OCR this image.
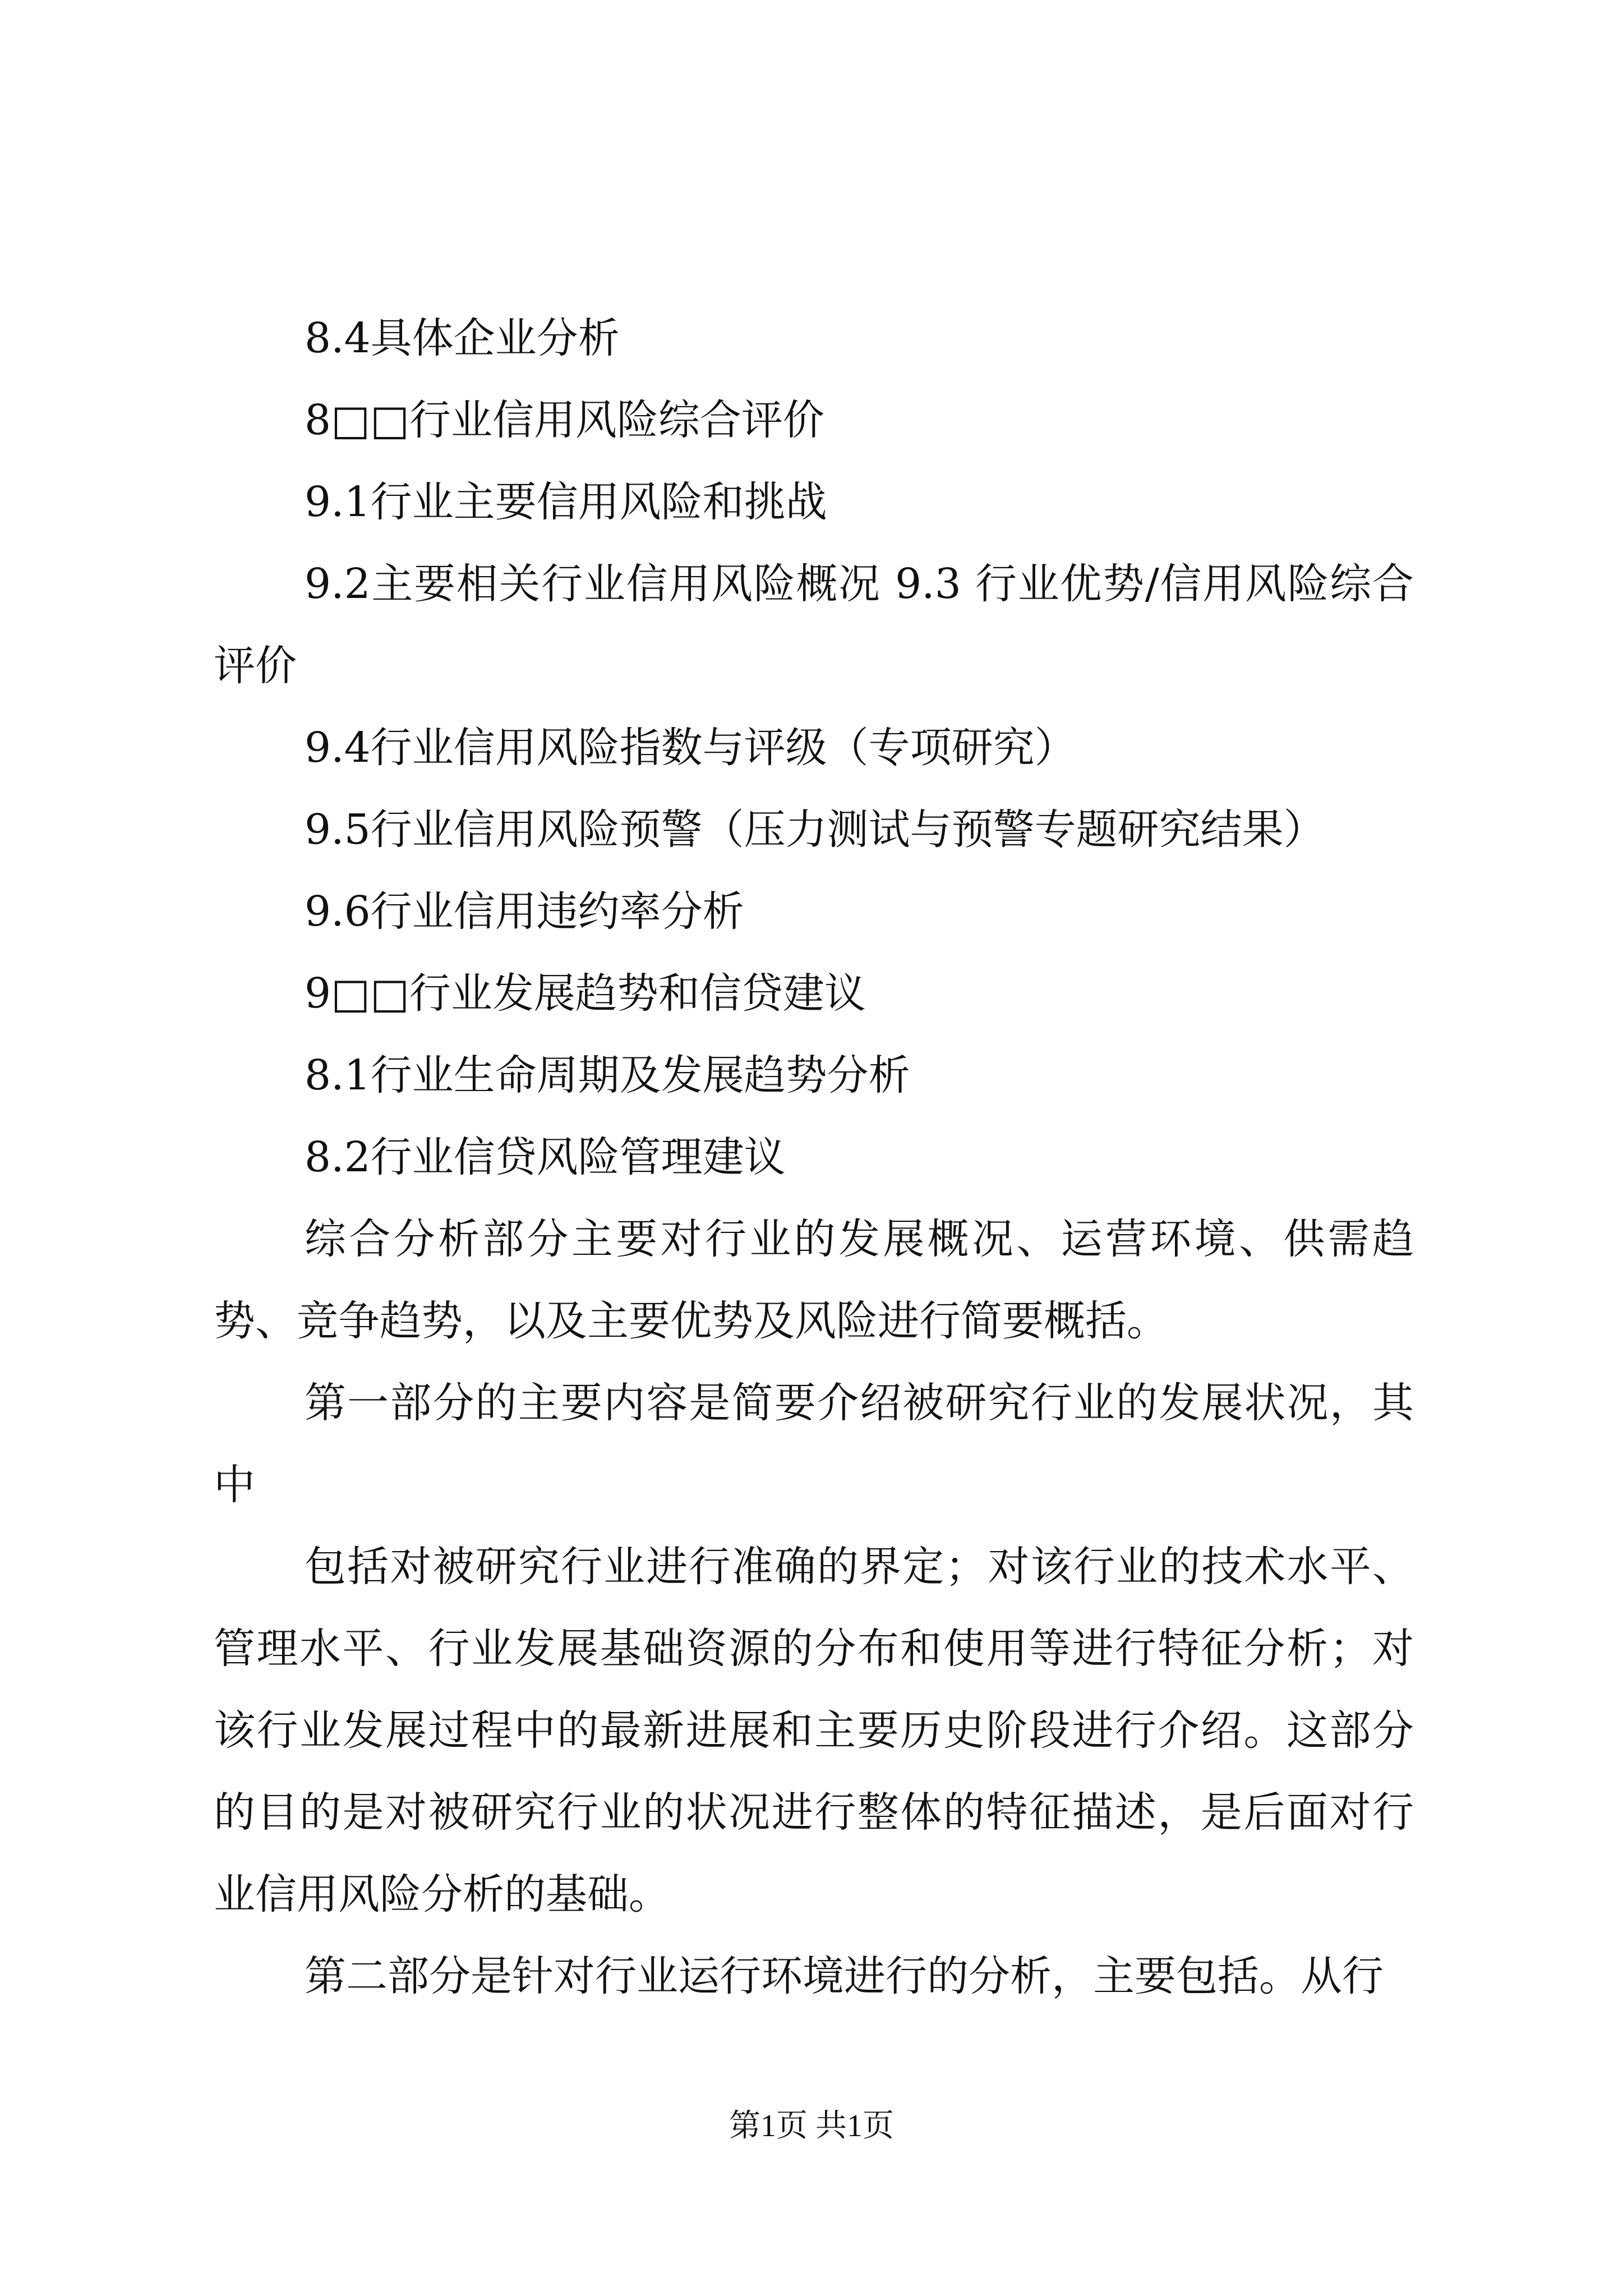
8.4具体企业分析

8□□行业信用风险综合评价

9.1行业主要信用风险和挑战

9.2主要相关行业信用风险概况 9.3 行业优势/信用风险综合评价

9.4行业信用风险指数与评级（专项研究）

9.5行业信用风险预警（压力测试与预警专题研究结果）

9.6行业信用违约率分析

9□□行业发展趋势和信贷建议

8.1行业生命周期及发展趋势分析

8.2行业信贷风险管理建议

综合分析部分主要对行业的发展概况、运营环境、供需趋势、竞争趋势，以及主要优势及风险进行简要概括。

第一部分的主要内容是简要介绍被研究行业的发展状况，其中

包括对被研究行业进行准确的界定；对该行业的技术水平、管理水平、行业发展基础资源的分布和使用等进行特征分析；对该行业发展过程中的最新进展和主要历史阶段进行介绍。这部分的目的是对被研究行业的状况进行整体的特征描述，是后面对行业信用风险分析的基础。

第二部分是针对行业运行环境进行的分析，主要包括。从行

第1页 共1页
